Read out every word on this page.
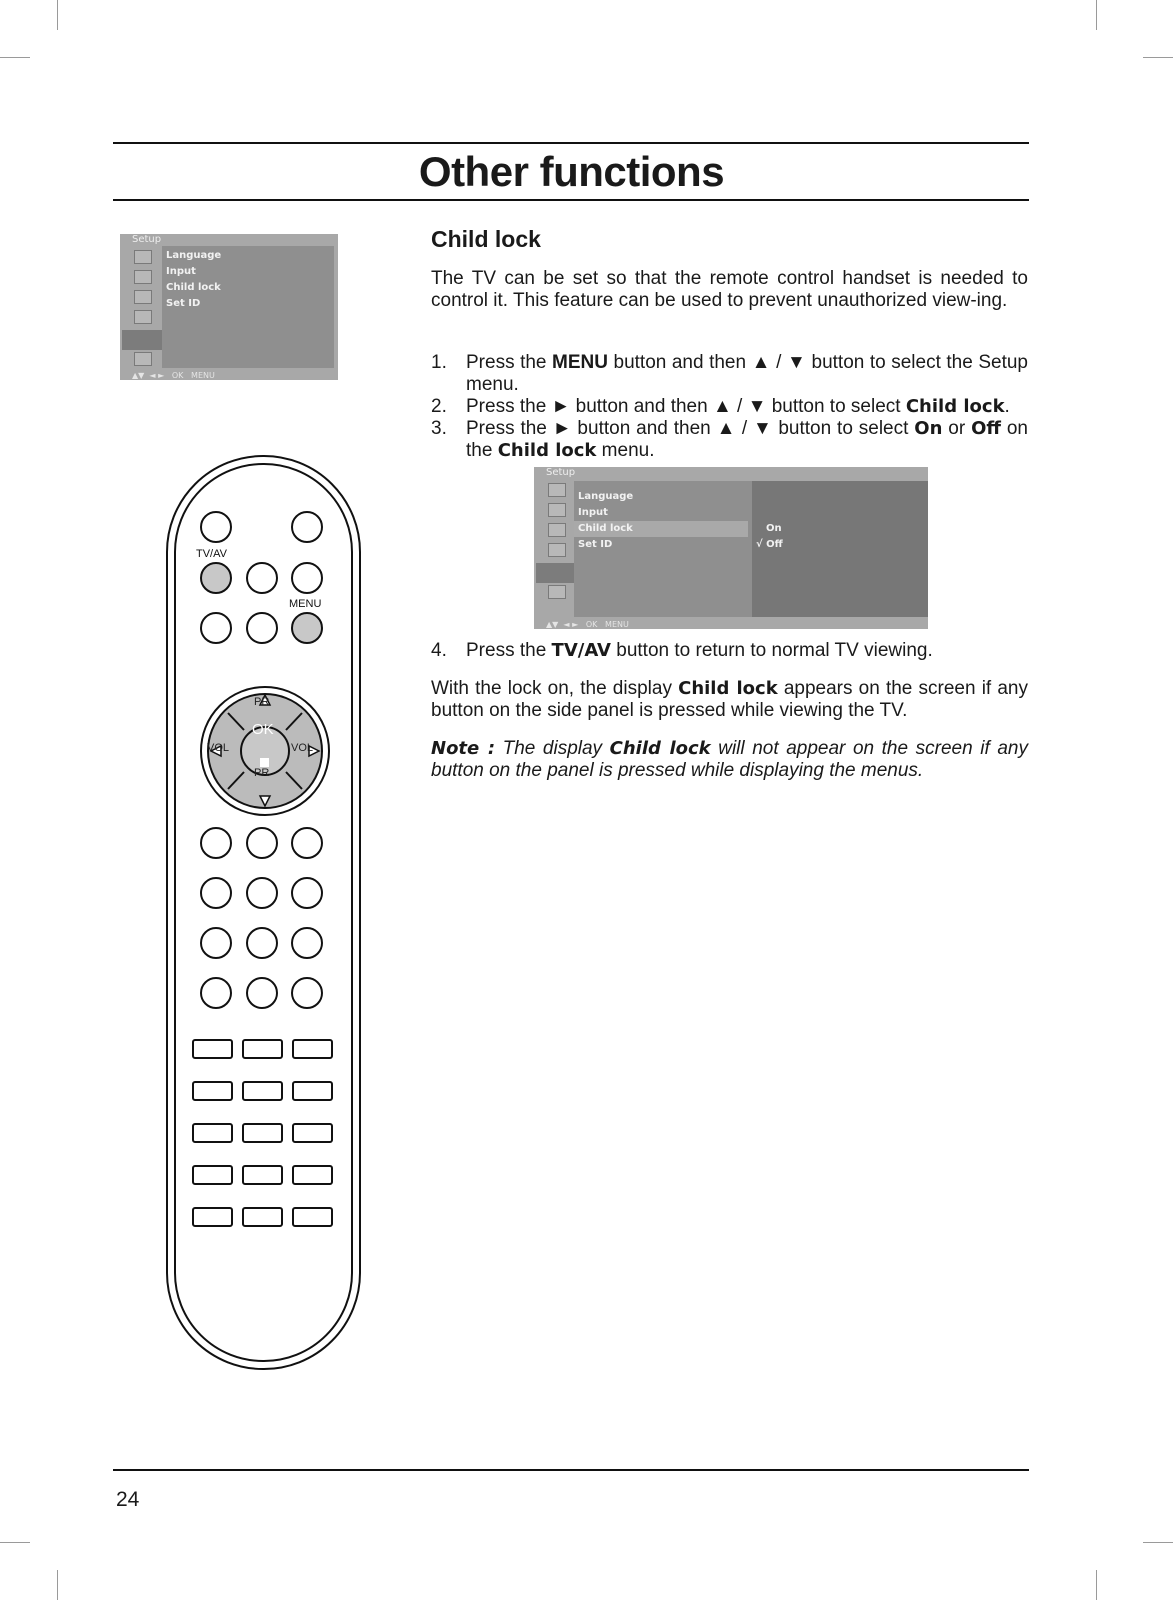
Other functions
Setup
Language
Input
Child lock
Set ID
▲▼  ◄ ►   OK   MENU
Child lock

The TV can be set so that the remote control handset is needed to control it. This feature can be used to prevent unauthorized view-ing.

1. Press the MENU button and then ▲ / ▼ button to select the Setup menu.
2. Press the ► button and then ▲ / ▼ button to select Child lock.
3. Press the ► button and then ▲ / ▼ button to select On or Off on the Child lock menu.
Setup
Language
Input
Child lock
Set ID
On
√ Off
▲▼  ◄ ►   OK   MENU
4. Press the TV/AV button to return to normal TV viewing.

With the lock on, the display Child lock appears on the screen if any button on the side panel is pressed while viewing the TV.

Note : The display Child lock will not appear on the screen if any button on the panel is pressed while displaying the menus.

TV/AV
MENU
PR
VOL	VOL
OK
PR
24
